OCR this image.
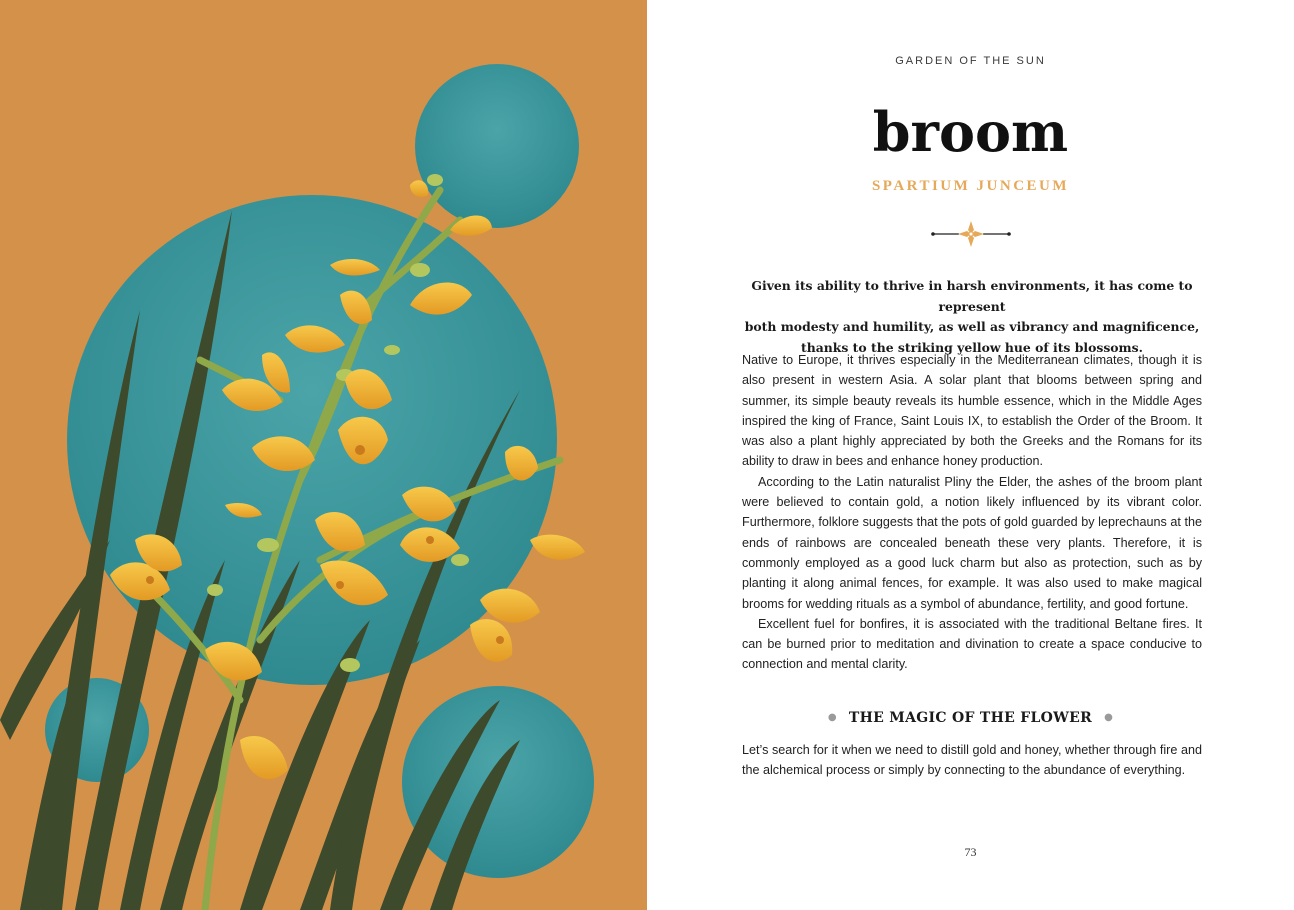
GARDEN OF THE SUN
broom
SPARTIUM JUNCEUM
Given its ability to thrive in harsh environments, it has come to represent
both modesty and humility, as well as vibrancy and magnificence,
thanks to the striking yellow hue of its blossoms.

Native to Europe, it thrives especially in the Mediterranean climates, though it is also present in western Asia. A solar plant that blooms between spring and summer, its simple beauty reveals its humble essence, which in the Middle Ages inspired the king of France, Saint Louis IX, to establish the Order of the Broom. It was also a plant highly appreciated by both the Greeks and the Romans for its ability to draw in bees and enhance honey production.

According to the Latin naturalist Pliny the Elder, the ashes of the broom plant were believed to contain gold, a notion likely influenced by its vibrant color. Furthermore, folklore suggests that the pots of gold guarded by leprechauns at the ends of rainbows are concealed beneath these very plants. Therefore, it is commonly employed as a good luck charm but also as protection, such as by planting it along animal fences, for example. It was also used to make magical brooms for wedding rituals as a symbol of abundance, fertility, and good fortune.

Excellent fuel for bonfires, it is associated with the traditional Beltane fires. It can be burned prior to meditation and divination to create a space conducive to connection and mental clarity.

● THE MAGIC OF THE FLOWER ●
Let’s search for it when we need to distill gold and honey, whether through fire and the alchemical process or simply by connecting to the abundance of everything.
73
